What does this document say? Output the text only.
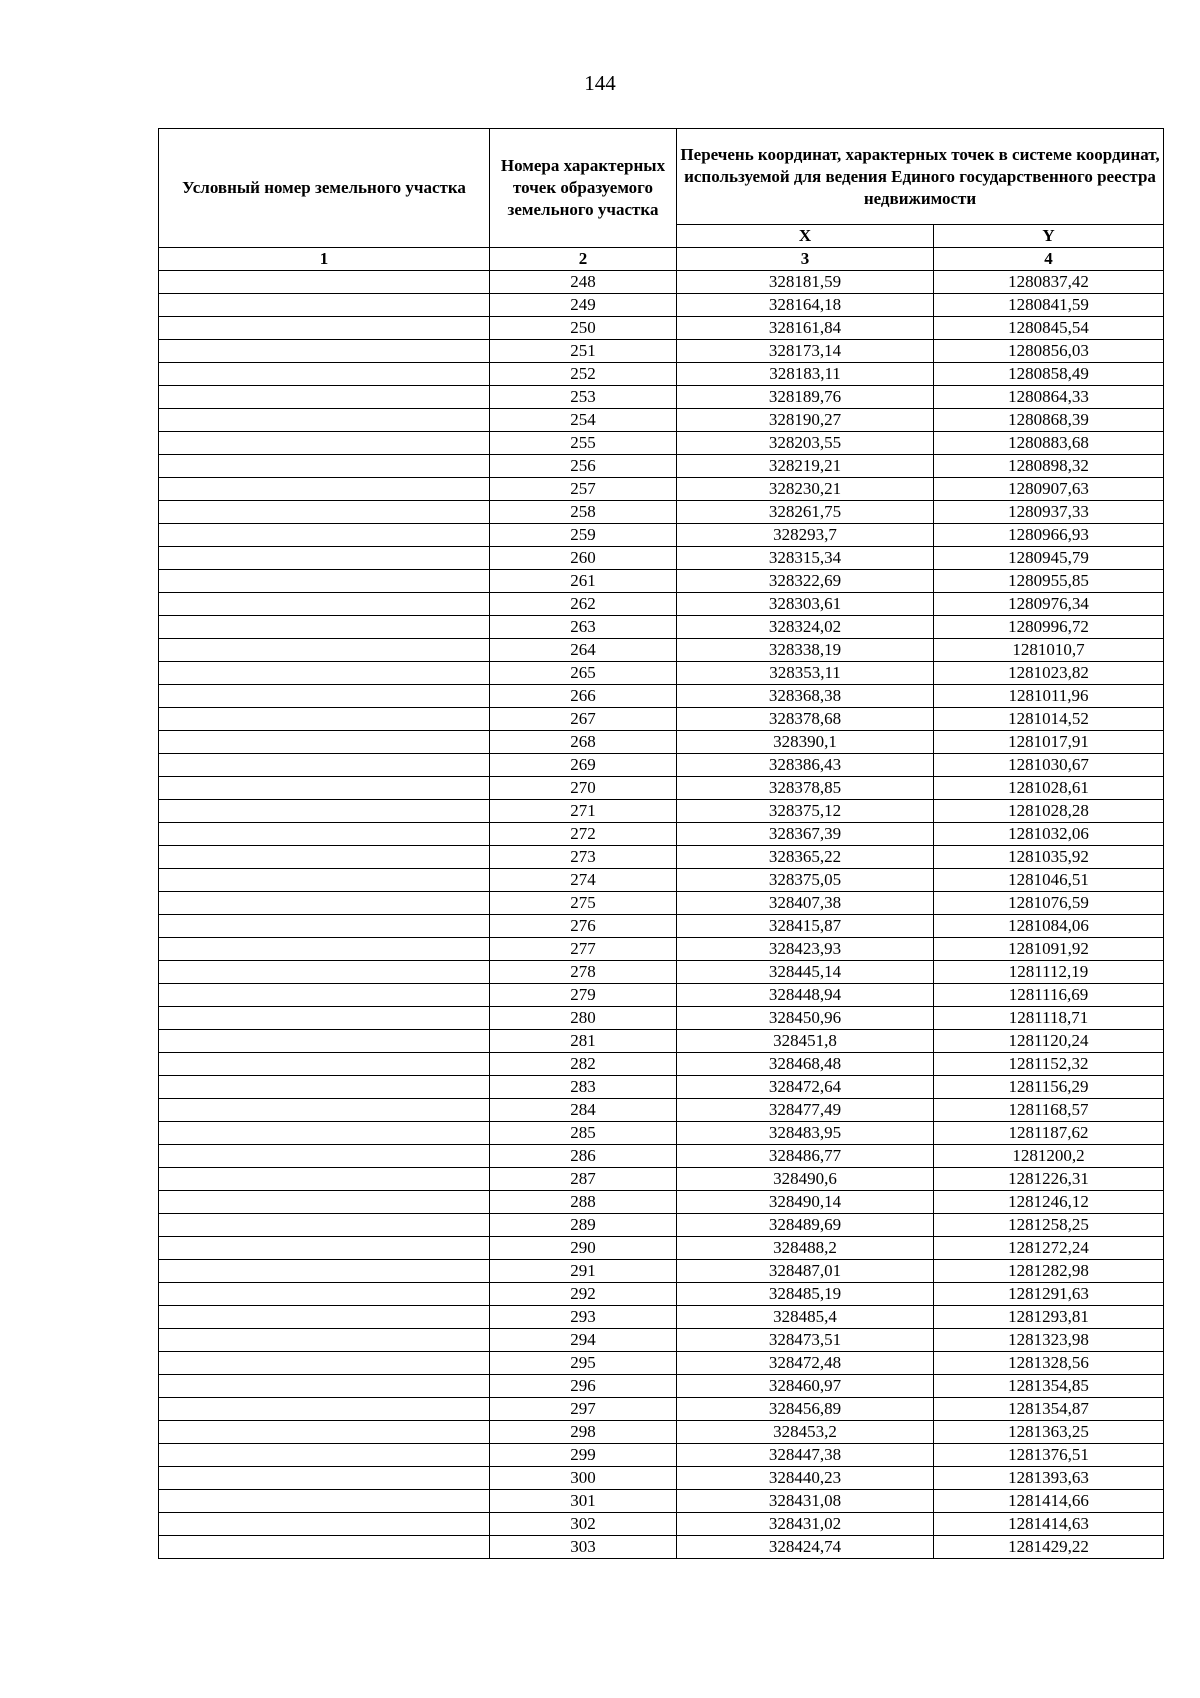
144
Условный номер земельного участка	Номера характерных точек образуемого земельного участка	Перечень координат, характерных точек в системе координат, используемой для ведения Единого государственного реестра недвижимости	
		X	Y
1	2	3	4
	248	328181,59	1280837,42
	249	328164,18	1280841,59
	250	328161,84	1280845,54
	251	328173,14	1280856,03
	252	328183,11	1280858,49
	253	328189,76	1280864,33
	254	328190,27	1280868,39
	255	328203,55	1280883,68
	256	328219,21	1280898,32
	257	328230,21	1280907,63
	258	328261,75	1280937,33
	259	328293,7	1280966,93
	260	328315,34	1280945,79
	261	328322,69	1280955,85
	262	328303,61	1280976,34
	263	328324,02	1280996,72
	264	328338,19	1281010,7
	265	328353,11	1281023,82
	266	328368,38	1281011,96
	267	328378,68	1281014,52
	268	328390,1	1281017,91
	269	328386,43	1281030,67
	270	328378,85	1281028,61
	271	328375,12	1281028,28
	272	328367,39	1281032,06
	273	328365,22	1281035,92
	274	328375,05	1281046,51
	275	328407,38	1281076,59
	276	328415,87	1281084,06
	277	328423,93	1281091,92
	278	328445,14	1281112,19
	279	328448,94	1281116,69
	280	328450,96	1281118,71
	281	328451,8	1281120,24
	282	328468,48	1281152,32
	283	328472,64	1281156,29
	284	328477,49	1281168,57
	285	328483,95	1281187,62
	286	328486,77	1281200,2
	287	328490,6	1281226,31
	288	328490,14	1281246,12
	289	328489,69	1281258,25
	290	328488,2	1281272,24
	291	328487,01	1281282,98
	292	328485,19	1281291,63
	293	328485,4	1281293,81
	294	328473,51	1281323,98
	295	328472,48	1281328,56
	296	328460,97	1281354,85
	297	328456,89	1281354,87
	298	328453,2	1281363,25
	299	328447,38	1281376,51
	300	328440,23	1281393,63
	301	328431,08	1281414,66
	302	328431,02	1281414,63
	303	328424,74	1281429,22
